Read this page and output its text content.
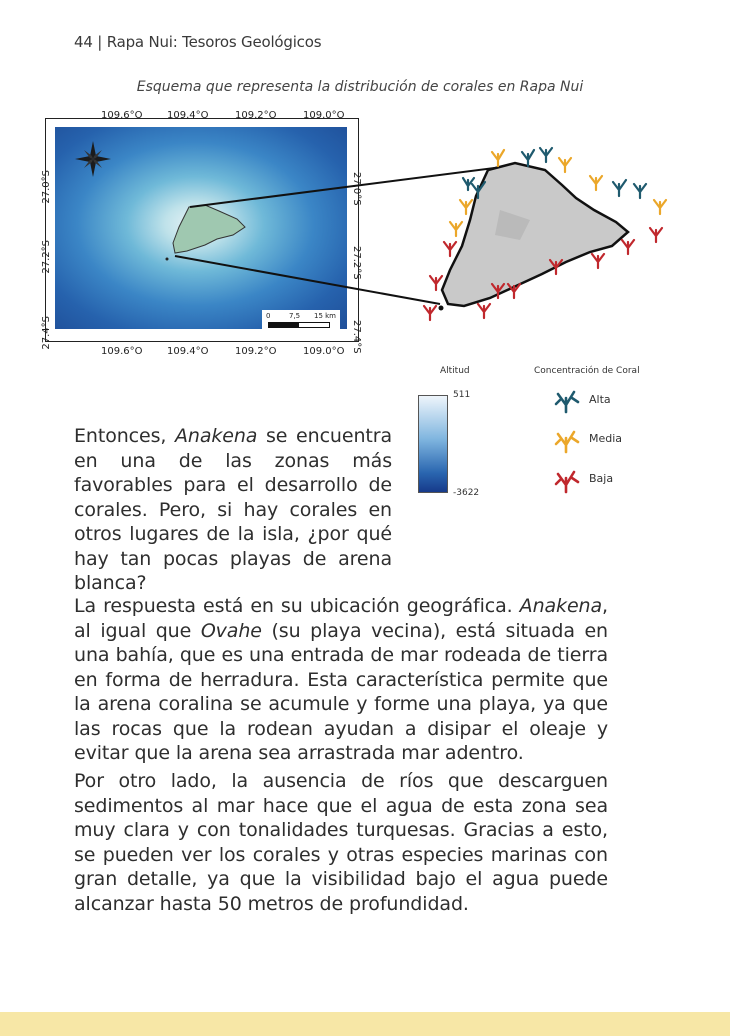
44 | Rapa Nui: Tesoros Geológicos
Esquema que representa la distribución de corales en Rapa Nui
109.6°O 109.4°O	109.2°O	109.0°O
109.6°O 109.4°O	109.2°O	109.0°O
27.0°S
27.2°S
27.4°S
27.0°S
27.2°S
27.4°S
0	7,5 15 km
Altitud
511
-3622
Concentración de Coral
Alta
Media
Baja
Entonces, Anakena se encuentra en una de las zonas más favorables para el desarrollo de corales. Pero, si hay corales en otros lugares de la isla, ¿por qué hay tan pocas playas de arena blanca?
La respuesta está en su ubicación geográfica. Anakena, al igual que Ovahe (su playa vecina), está situada en una bahía, que es una entrada de mar rodeada de tierra en forma de herradura. Esta característica permite que la arena coralina se acumule y forme una playa, ya que las rocas que la rodean ayudan a disipar el oleaje y evitar que la arena sea arrastrada mar adentro.
Por otro lado, la ausencia de ríos que descarguen sedimentos al mar hace que el agua de esta zona sea muy clara y con tonalidades turquesas. Gracias a esto, se pueden ver los corales y otras especies marinas con gran detalle, ya que la visibilidad bajo el agua puede alcanzar hasta 50 metros de profundidad.
